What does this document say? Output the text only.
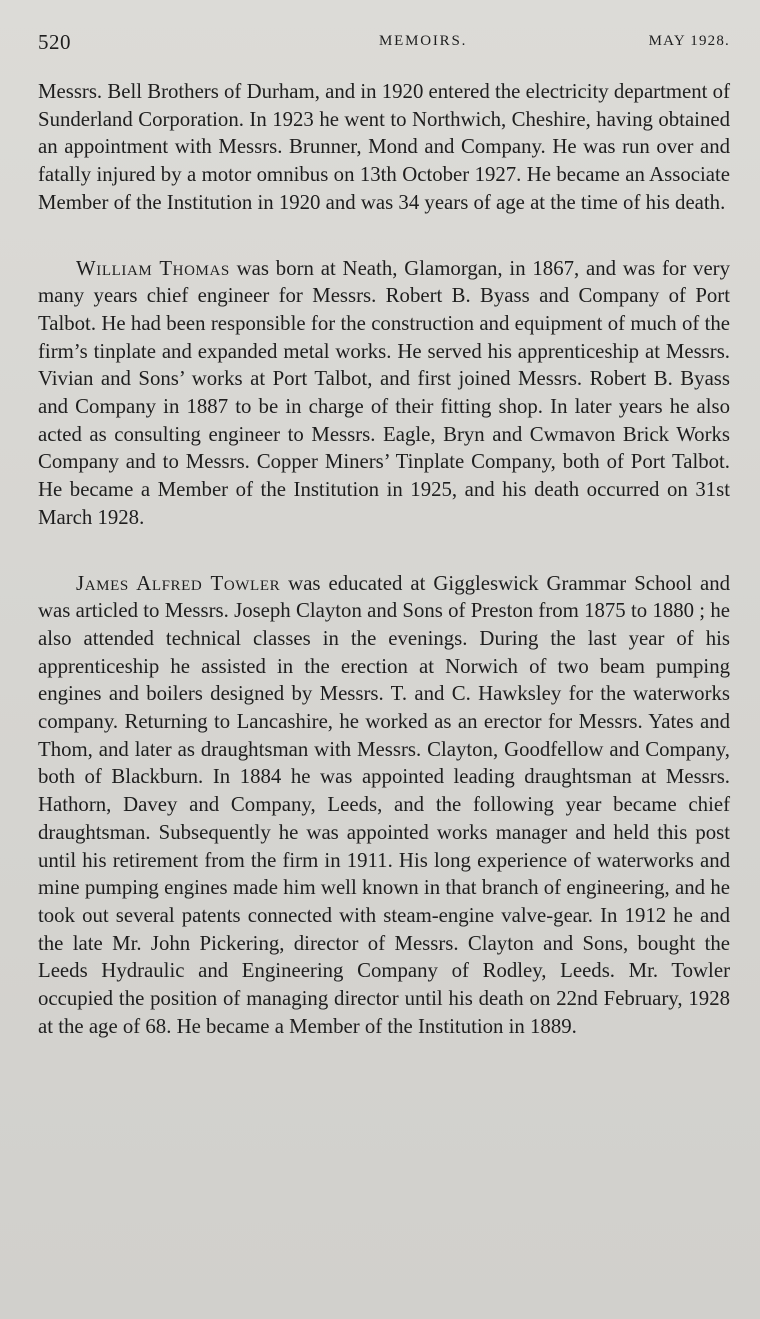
520	MEMOIRS.	MAY 1928.

Messrs. Bell Brothers of Durham, and in 1920 entered the electricity department of Sunderland Corporation. In 1923 he went to Northwich, Cheshire, having obtained an appointment with Messrs. Brunner, Mond and Company. He was run over and fatally injured by a motor omnibus on 13th October 1927. He became an Associate Member of the Institution in 1920 and was 34 years of age at the time of his death.

William Thomas was born at Neath, Glamorgan, in 1867, and was for very many years chief engineer for Messrs. Robert B. Byass and Company of Port Talbot. He had been responsible for the construction and equipment of much of the firm’s tinplate and expanded metal works. He served his apprenticeship at Messrs. Vivian and Sons’ works at Port Talbot, and first joined Messrs. Robert B. Byass and Company in 1887 to be in charge of their fitting shop. In later years he also acted as consulting engineer to Messrs. Eagle, Bryn and Cwmavon Brick Works Company and to Messrs. Copper Miners’ Tinplate Company, both of Port Talbot. He became a Member of the Institution in 1925, and his death occurred on 31st March 1928.

James Alfred Towler was educated at Giggleswick Grammar School and was articled to Messrs. Joseph Clayton and Sons of Preston from 1875 to 1880 ; he also attended technical classes in the evenings. During the last year of his apprenticeship he assisted in the erection at Norwich of two beam pumping engines and boilers designed by Messrs. T. and C. Hawksley for the waterworks company. Returning to Lancashire, he worked as an erector for Messrs. Yates and Thom, and later as draughtsman with Messrs. Clayton, Goodfellow and Company, both of Blackburn. In 1884 he was appointed leading draughtsman at Messrs. Hathorn, Davey and Company, Leeds, and the following year became chief draughtsman. Subsequently he was appointed works manager and held this post until his retirement from the firm in 1911. His long experience of waterworks and mine pumping engines made him well known in that branch of engineering, and he took out several patents connected with steam-engine valve-gear. In 1912 he and the late Mr. John Pickering, director of Messrs. Clayton and Sons, bought the Leeds Hydraulic and Engineering Company of Rodley, Leeds. Mr. Towler occupied the position of managing director until his death on 22nd February, 1928 at the age of 68. He became a Member of the Institution in 1889.
